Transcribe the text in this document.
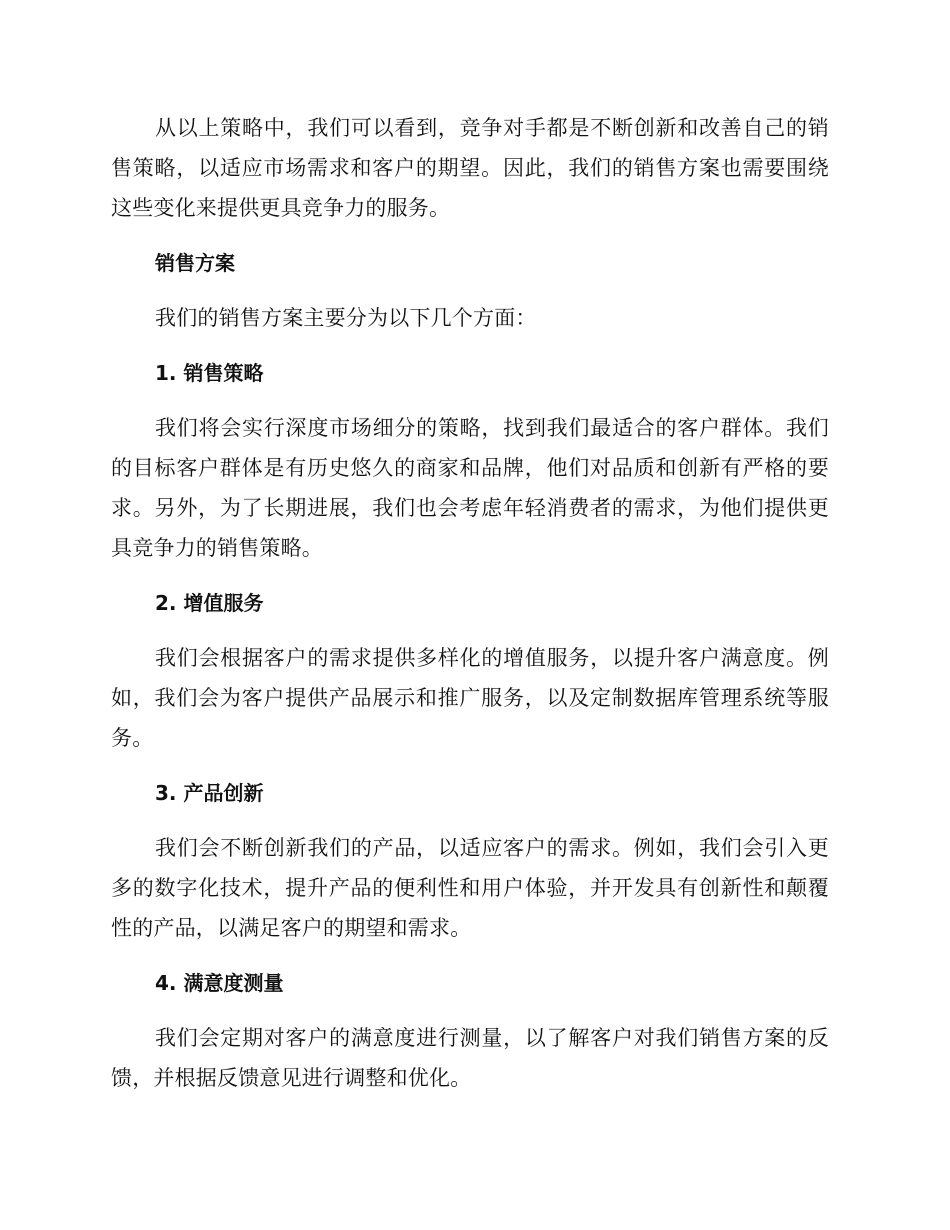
从以上策略中，我们可以看到，竞争对手都是不断创新和改善自己的销售策略，以适应市场需求和客户的期望。因此，我们的销售方案也需要围绕这些变化来提供更具竞争力的服务。

销售方案

我们的销售方案主要分为以下几个方面：

1. 销售策略

我们将会实行深度市场细分的策略，找到我们最适合的客户群体。我们的目标客户群体是有历史悠久的商家和品牌，他们对品质和创新有严格的要求。另外，为了长期进展，我们也会考虑年轻消费者的需求，为他们提供更具竞争力的销售策略。

2. 增值服务

我们会根据客户的需求提供多样化的增值服务，以提升客户满意度。例如，我们会为客户提供产品展示和推广服务，以及定制数据库管理系统等服务。

3. 产品创新

我们会不断创新我们的产品，以适应客户的需求。例如，我们会引入更多的数字化技术，提升产品的便利性和用户体验，并开发具有创新性和颠覆性的产品，以满足客户的期望和需求。

4. 满意度测量

我们会定期对客户的满意度进行测量，以了解客户对我们销售方案的反馈，并根据反馈意见进行调整和优化。
